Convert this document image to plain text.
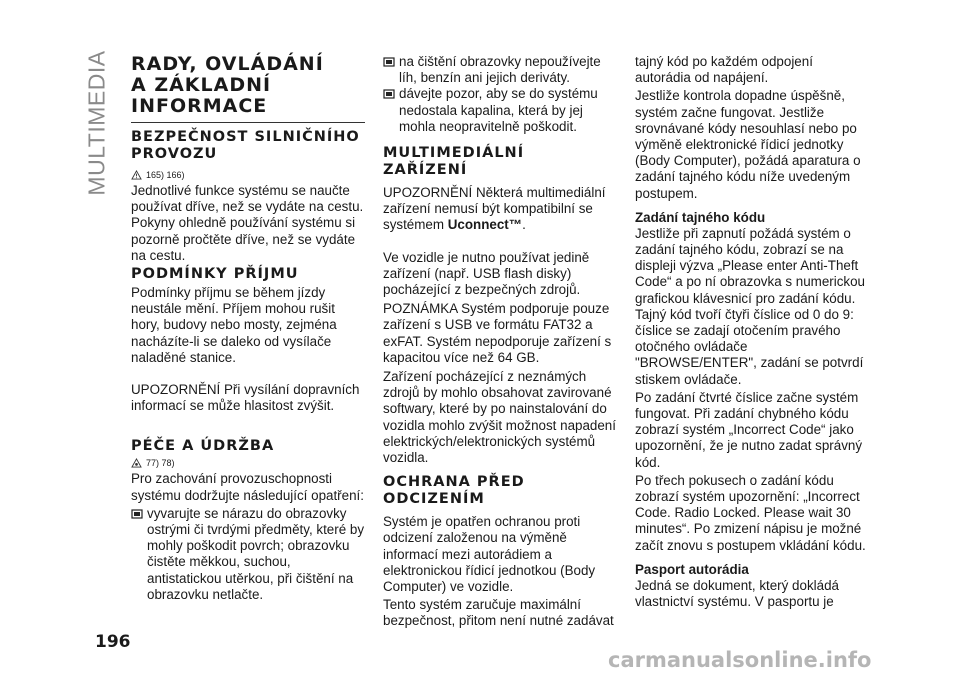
MULTIMEDIA RADY, OVLÁDÁNÍ
A ZÁKLADNÍ
INFORMACE
BEZPEČNOST SILNIČNÍHO
PROVOZU
165) 166)

Jednotlivé funkce systému se naučte používat dříve, než se vydáte na cestu. Pokyny ohledně používání systému si pozorně pročtěte dříve, než se vydáte na cestu.

PODMÍNKY PŘÍJMU

Podmínky příjmu se během jízdy neustále mění. Příjem mohou rušit hory, budovy nebo mosty, zejména nacházíte-li se daleko od vysílače naladěné stanice.

UPOZORNĚNÍ Při vysílání dopravních informací se může hlasitost zvýšit.

PÉČE A ÚDRŽBA
77) 78)

Pro zachování provozuschopnosti systému dodržujte následující opatření:

vyvarujte se nárazu do obrazovky ostrými či tvrdými předměty, které by mohly poškodit povrch; obrazovku čistěte měkkou, suchou, antistatickou utěrkou, při čištění na obrazovku netlačte.
na čištění obrazovky nepoužívejte líh, benzín ani jejich deriváty.
dávejte pozor, aby se do systému nedostala kapalina, která by jej mohla neopravitelně poškodit.
MULTIMEDIÁLNÍ
ZAŘÍZENÍ

UPOZORNĚNÍ Některá multimediální zařízení nemusí být kompatibilní se systémem Uconnect™.

Ve vozidle je nutno používat jedině zařízení (např. USB flash disky) pocházející z bezpečných zdrojů.

POZNÁMKA Systém podporuje pouze zařízení s USB ve formátu FAT32 a exFAT. Systém nepodporuje zařízení s kapacitou více než 64 GB.

Zařízení pocházející z neznámých zdrojů by mohlo obsahovat zavirované softwary, které by po nainstalování do vozidla mohlo zvýšit možnost napadení elektrických/elektronických systémů vozidla.

OCHRANA PŘED
ODCIZENÍM

Systém je opatřen ochranou proti odcizení založenou na výměně informací mezi autorádiem a elektronickou řídicí jednotkou (Body Computer) ve vozidle.

Tento systém zaručuje maximální bezpečnost, přitom není nutné zadávat

tajný kód po každém odpojení autorádia od napájení.

Jestliže kontrola dopadne úspěšně, systém začne fungovat. Jestliže srovnávané kódy nesouhlasí nebo po výměně elektronické řídicí jednotky (Body Computer), požádá aparatura o zadání tajného kódu níže uvedeným postupem.

Zadání tajného kódu

Jestliže při zapnutí požádá systém o zadání tajného kódu, zobrazí se na displeji výzva „Please enter Anti-Theft Code“ a po ní obrazovka s numerickou grafickou klávesnicí pro zadání kódu. Tajný kód tvoří čtyři číslice od 0 do 9: číslice se zadají otočením pravého otočného ovládače "BROWSE/ENTER", zadání se potvrdí stiskem ovládače.

Po zadání čtvrté číslice začne systém fungovat. Při zadání chybného kódu zobrazí systém „Incorrect Code“ jako upozornění, že je nutno zadat správný kód.

Po třech pokusech o zadání kódu zobrazí systém upozornění: „Incorrect Code. Radio Locked. Please wait 30 minutes“. Po zmizení nápisu je možné začít znovu s postupem vkládání kódu.

Pasport autorádia

Jedná se dokument, který dokládá vlastnictví systému. V pasportu je

196
carmanualsonline.info
